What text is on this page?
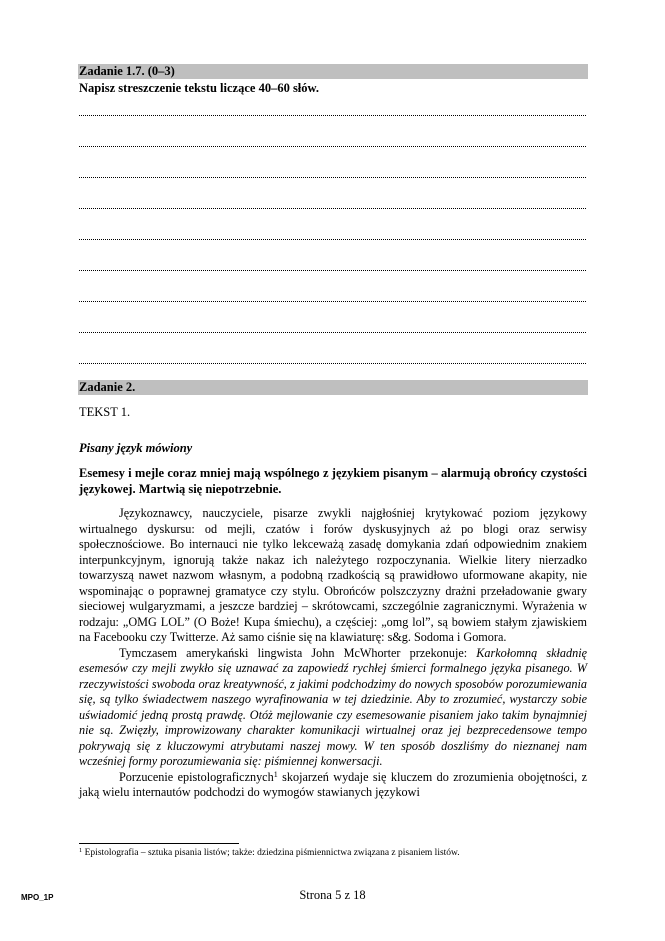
Zadanie 1.7. (0–3)
Napisz streszczenie tekstu liczące 40–60 słów.
Zadanie 2.
TEKST 1.
Pisany język mówiony
Esemesy i mejle coraz mniej mają wspólnego z językiem pisanym – alarmują obrońcy czystości językowej. Martwią się niepotrzebnie.

Językoznawcy, nauczyciele, pisarze zwykli najgłośniej krytykować poziom językowy wirtualnego dyskursu: od mejli, czatów i forów dyskusyjnych aż po blogi oraz serwisy społecznościowe. Bo internauci nie tylko lekceważą zasadę domykania zdań odpowiednim znakiem interpunkcyjnym, ignorują także nakaz ich należytego rozpoczynania. Wielkie litery nierzadko towarzyszą nawet nazwom własnym, a podobną rzadkością są prawidłowo uformowane akapity, nie wspominając o poprawnej gramatyce czy stylu. Obrońców polszczyzny drażni przeładowanie gwary sieciowej wulgaryzmami, a jeszcze bardziej – skrótowcami, szczególnie zagranicznymi. Wyrażenia w rodzaju: „OMG LOL” (O Boże! Kupa śmiechu), a częściej: „omg lol”, są bowiem stałym zjawiskiem na Facebooku czy Twitterze. Aż samo ciśnie się na klawiaturę: s&g. Sodoma i Gomora.

Tymczasem amerykański lingwista John McWhorter przekonuje: Karkołomną składnię esemesów czy mejli zwykło się uznawać za zapowiedź rychłej śmierci formalnego języka pisanego. W rzeczywistości swoboda oraz kreatywność, z jakimi podchodzimy do nowych sposobów porozumiewania się, są tylko świadectwem naszego wyrafinowania w tej dziedzinie. Aby to zrozumieć, wystarczy sobie uświadomić jedną prostą prawdę. Otóż mejlowanie czy esemesowanie pisaniem jako takim bynajmniej nie są. Zwięzły, improwizowany charakter komunikacji wirtualnej oraz jej bezprecedensowe tempo pokrywają się z kluczowymi atrybutami naszej mowy. W ten sposób doszliśmy do nieznanej nam wcześniej formy porozumiewania się: piśmiennej konwersacji.

Porzucenie epistolograficznych$^1$ skojarzeń wydaje się kluczem do zrozumienia obojętności, z jaką wielu internautów podchodzi do wymogów stawianych językowi

$^1$ Epistolografia – sztuka pisania listów; także: dziedzina piśmiennictwa związana z pisaniem listów.
MPO_1P	Strona 5 z 18
